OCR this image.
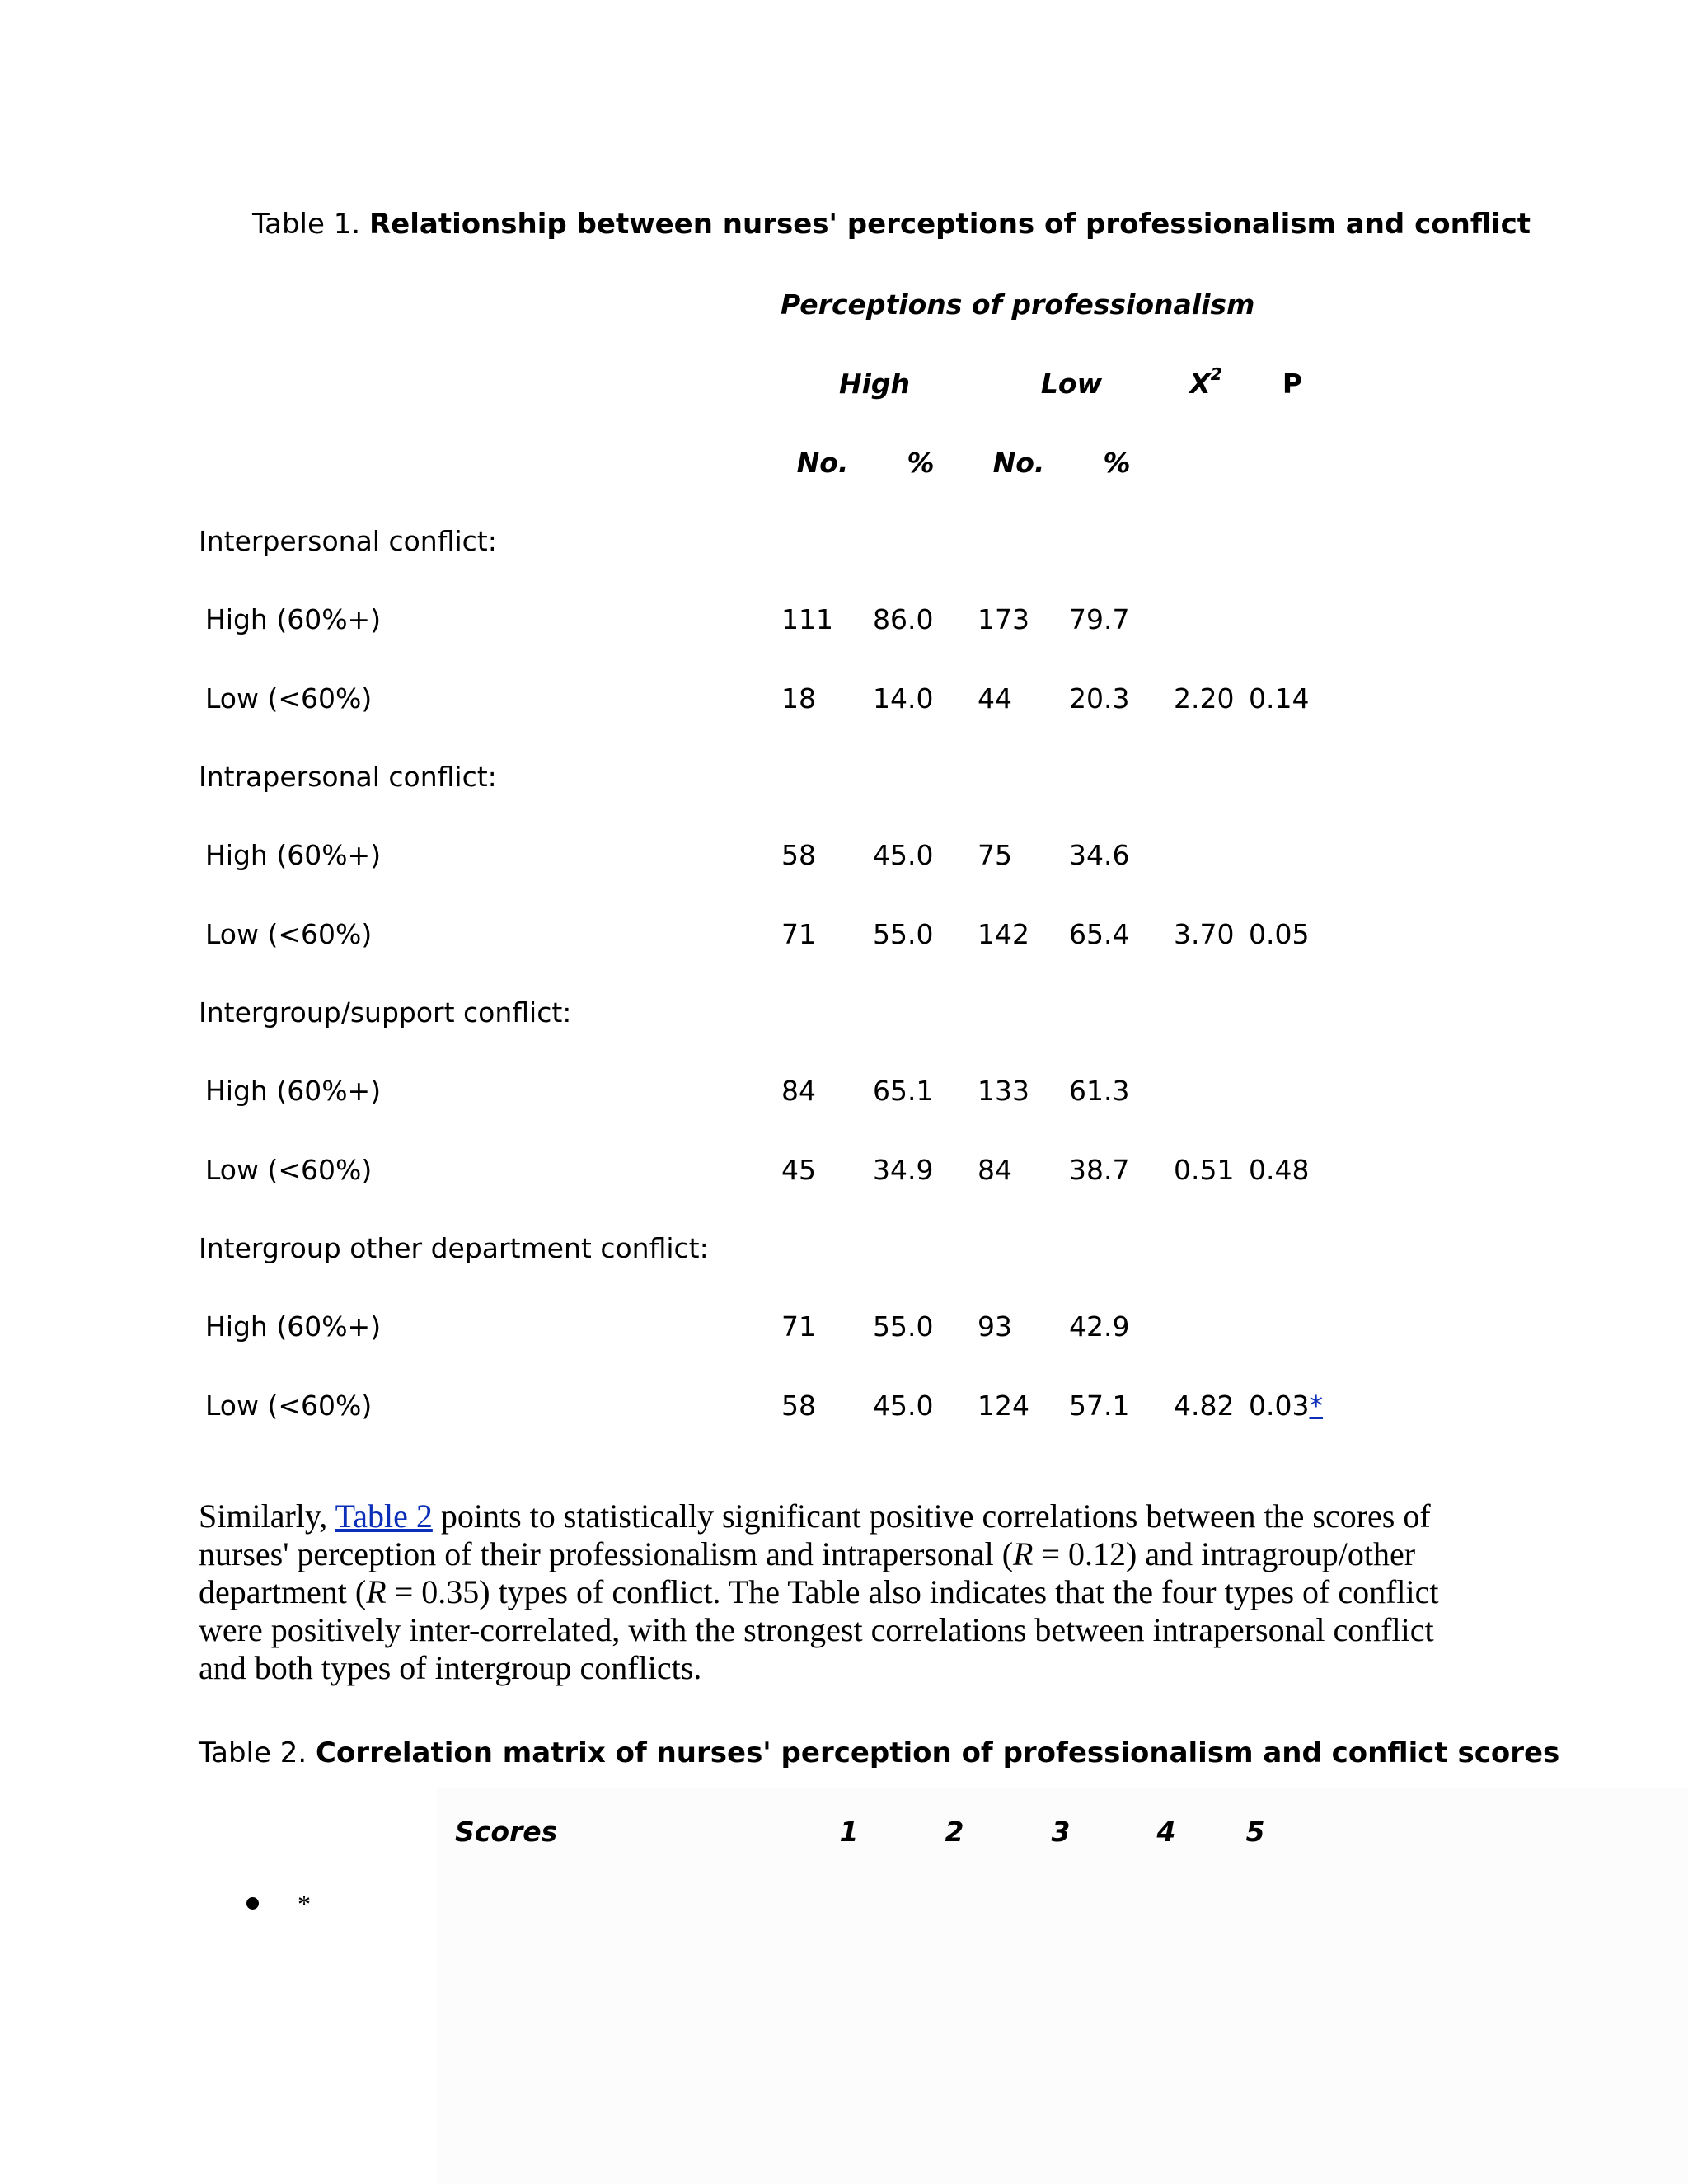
Table 1. Relationship between nurses' perceptions of professionalism and conflict
Perceptions of professionalism
High	Low	$X^2$ P
No. % No. %
Interpersonal conflict:
High (60%+)	111 86.0 173 79.7
Low (<60%)	18 14.0 44 20.3 2.20 0.14
Intrapersonal conflict:
High (60%+)	58 45.0 75 34.6
Low (<60%)	71 55.0 142 65.4 3.70 0.05
Intergroup/support conflict:
High (60%+)	84 65.1 133 61.3
Low (<60%)	45 34.9 84 38.7 0.51 0.48
Intergroup other department conflict:
High (60%+)	71 55.0 93 42.9
Low (<60%)	58 45.0 124 57.1 4.82 0.03*
Similarly, Table 2 points to statistically significant positive correlations between the scores of
nurses' perception of their professionalism and intrapersonal (R = 0.12) and intragroup/other
department (R = 0.35) types of conflict. The Table also indicates that the four types of conflict
were positively inter-correlated, with the strongest correlations between intrapersonal conflict
and both types of intergroup conflicts.
Table 2. Correlation matrix of nurses' perception of professionalism and conflict scores
Scores	1	2	3	4	5
*
